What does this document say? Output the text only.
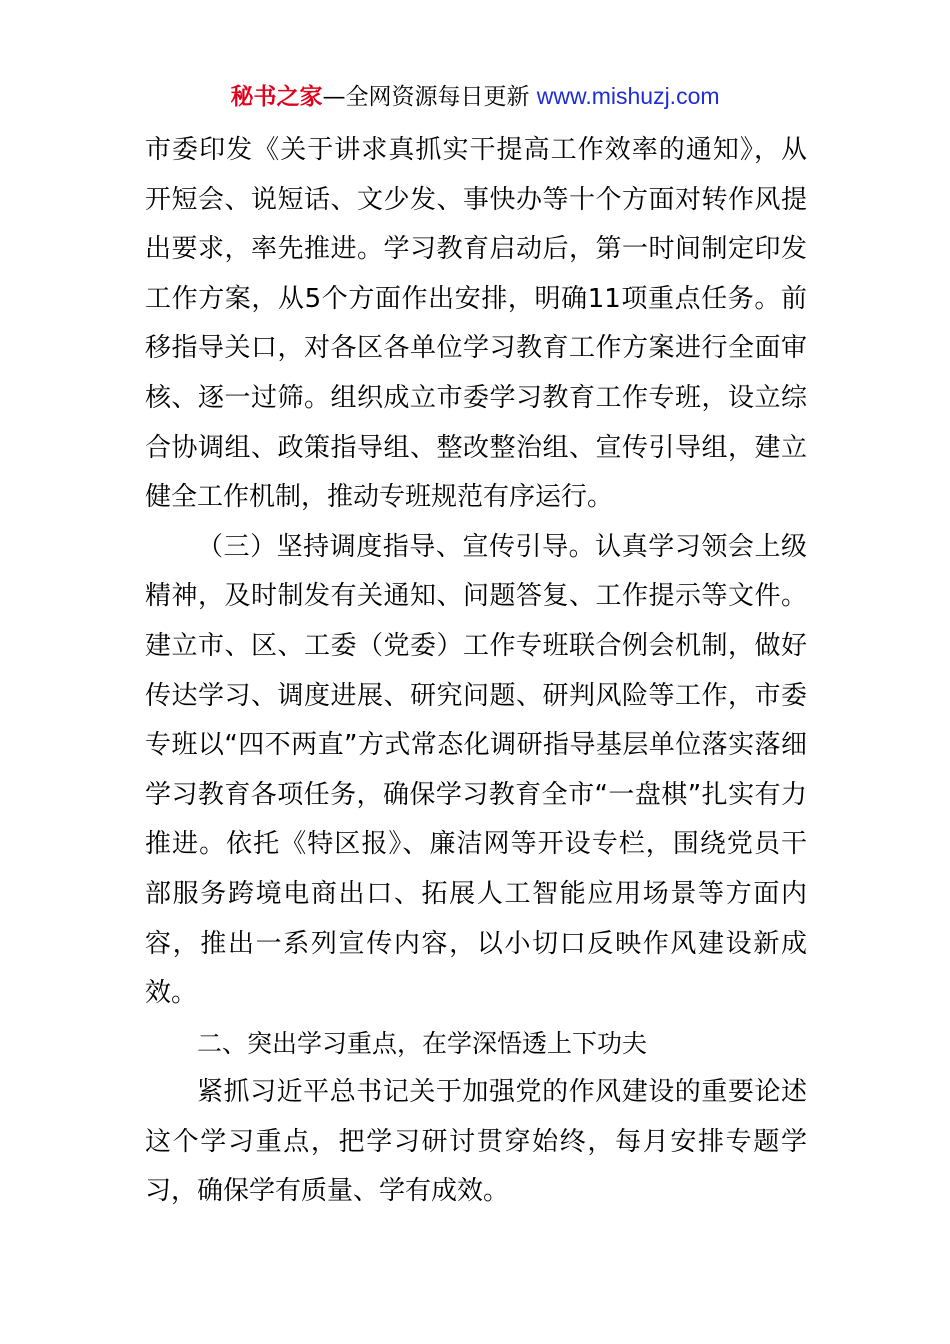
秘书之家—全网资源每日更新 www.mishuzj.com

市委印发《关于讲求真抓实干提高工作效率的通知》，从开短会、说短话、文少发、事快办等十个方面对转作风提出要求，率先推进。学习教育启动后，第一时间制定印发工作方案，从5个方面作出安排，明确11项重点任务。前移指导关口，对各区各单位学习教育工作方案进行全面审核、逐一过筛。组织成立市委学习教育工作专班，设立综合协调组、政策指导组、整改整治组、宣传引导组，建立健全工作机制，推动专班规范有序运行。

（三）坚持调度指导、宣传引导。认真学习领会上级精神，及时制发有关通知、问题答复、工作提示等文件。建立市、区、工委（党委）工作专班联合例会机制，做好传达学习、调度进展、研究问题、研判风险等工作，市委专班以“四不两直”方式常态化调研指导基层单位落实落细学习教育各项任务，确保学习教育全市“一盘棋”扎实有力推进。依托《特区报》、廉洁网等开设专栏，围绕党员干部服务跨境电商出口、拓展人工智能应用场景等方面内容，推出一系列宣传内容，以小切口反映作风建设新成效。

二、突出学习重点，在学深悟透上下功夫

紧抓习近平总书记关于加强党的作风建设的重要论述这个学习重点，把学习研讨贯穿始终，每月安排专题学习，确保学有质量、学有成效。
